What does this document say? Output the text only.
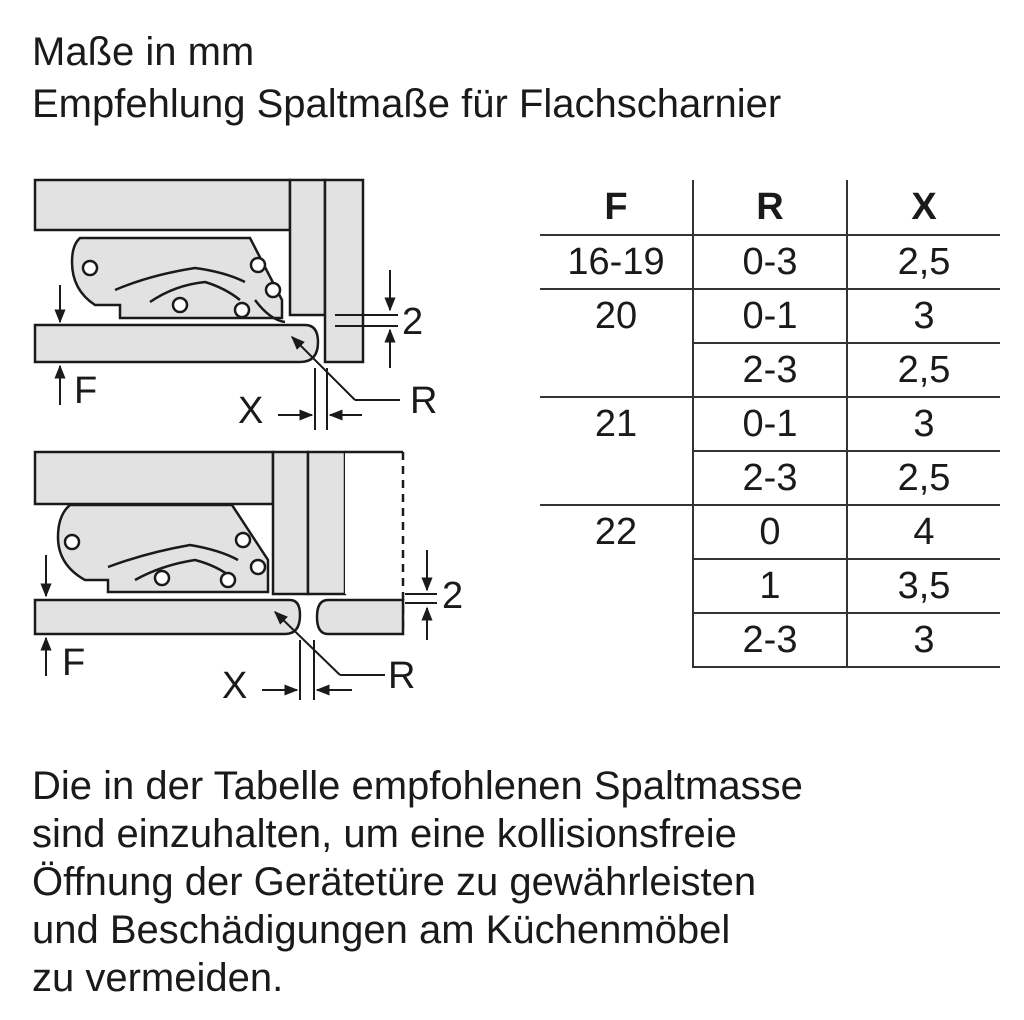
Maße in mm
Empfehlung Spaltmaße für Flachscharnier
2
F	X	R
2
F
X	R
F	R	X
16-19	0-3	2,5
20	0-1	3
	2-3	2,5
21	0-1	3
	2-3	2,5
22	0	4
	1	3,5
	2-3	3
Die in der Tabelle empfohlenen Spaltmasse
sind einzuhalten, um eine kollisionsfreie
Öffnung der Gerätetüre zu gewährleisten
und Beschädigungen am Küchenmöbel
zu vermeiden.
